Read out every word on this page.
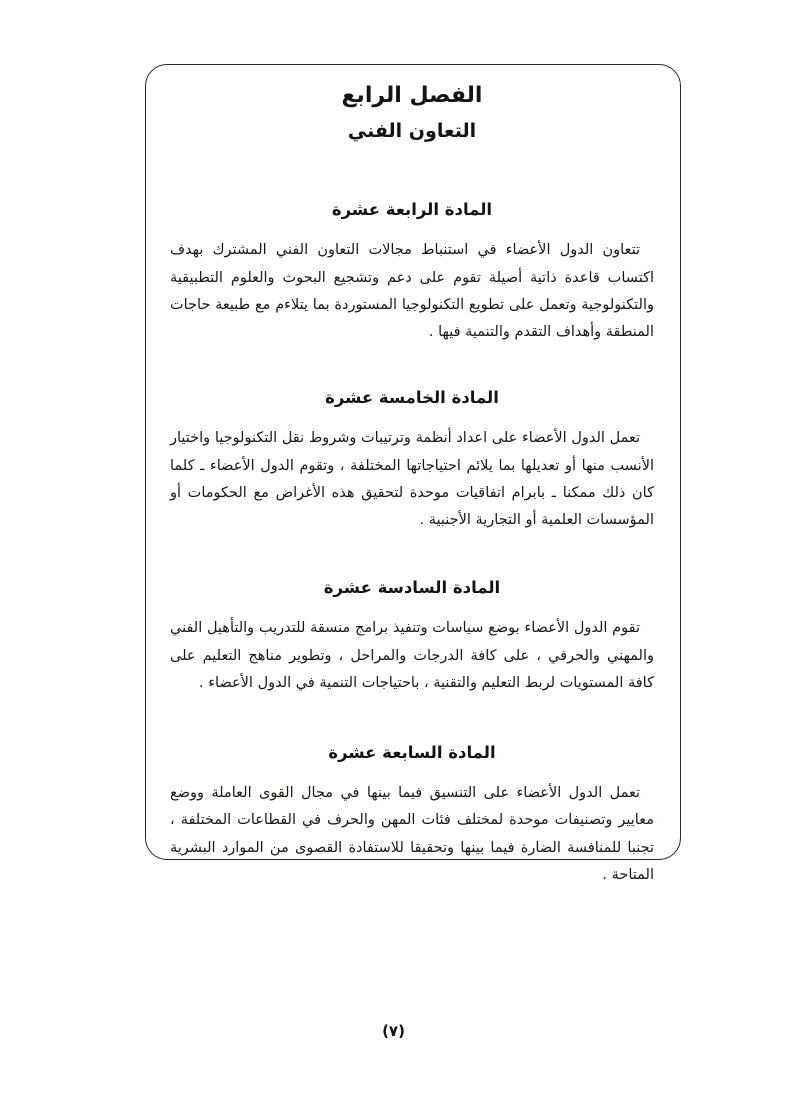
الفصل الرابع
التعاون الفني
المادة الرابعة عشرة

تتعاون الدول الأعضاء في استنباط مجالات التعاون الفني المشترك بهدف اكتساب قاعدة ذاتية أصيلة تقوم على دعم وتشجيع البحوث والعلوم التطبيقية والتكنولوجية وتعمل على تطويع التكنولوجيا المستوردة بما يتلاءم مع طبيعة حاجات المنطقة وأهداف التقدم والتنمية فيها .

المادة الخامسة عشرة

تعمل الدول الأعضاء على اعداد أنظمة وترتيبات وشروط نقل التكنولوجيا واختيار الأنسب منها أو تعديلها بما يلائم احتياجاتها المختلفة ، وتقوم الدول الأعضاء ـ كلما كان ذلك ممكنا ـ بابرام اتفاقيات موحدة لتحقيق هذه الأغراض مع الحكومات أو المؤسسات العلمية أو التجارية الأجنبية .

المادة السادسة عشرة

تقوم الدول الأعضاء بوضع سياسات وتنفيذ برامج منسقة للتدريب والتأهيل الفني والمهني والحرفي ، على كافة الدرجات والمراحل ، وتطوير مناهج التعليم على كافة المستويات لربط التعليم والتقنية ، باحتياجات التنمية في الدول الأعضاء .

المادة السابعة عشرة

تعمل الدول الأعضاء على التنسيق فيما بينها في مجال القوى العاملة ووضع معايير وتصنيفات موحدة لمختلف فئات المهن والحرف في القطاعات المختلفة ، تجنبا للمنافسة الضارة فيما بينها وتحقيقا للاستفادة القصوى من الموارد البشرية المتاحة .

(٧)
